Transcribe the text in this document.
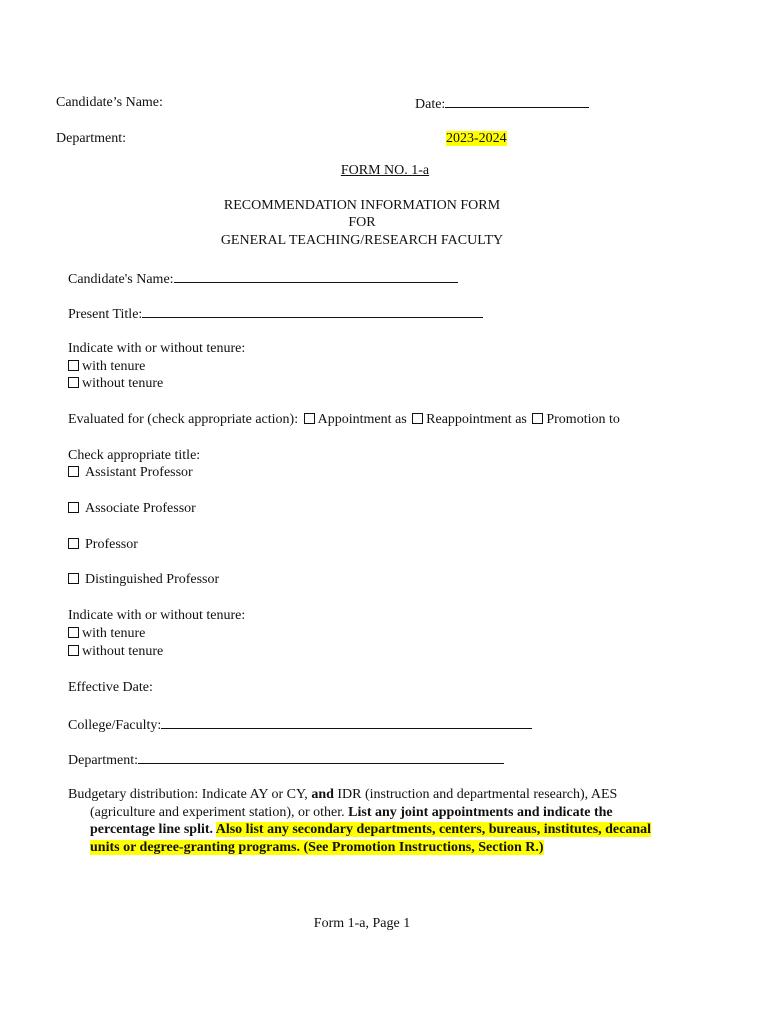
Candidate’s Name:	Date:
Department:	2023-2024
FORM NO. 1-a
RECOMMENDATION INFORMATION FORM
FOR
GENERAL TEACHING/RESEARCH FACULTY
Candidate's Name:
Present Title:
Indicate with or without tenure:
with tenure
without tenure
Evaluated for (check appropriate action): Appointment as Reappointment as Promotion to
Check appropriate title:
Assistant Professor
Associate Professor
Professor
Distinguished Professor
Indicate with or without tenure:
with tenure
without tenure
Effective Date:
College/Faculty:
Department:
Budgetary distribution: Indicate AY or CY, and IDR (instruction and departmental research), AES
(agriculture and experiment station), or other. List any joint appointments and indicate the
percentage line split. Also list any secondary departments, centers, bureaus, institutes, decanal
units or degree-granting programs. (See Promotion Instructions, Section R.)
Form 1-a, Page 1
